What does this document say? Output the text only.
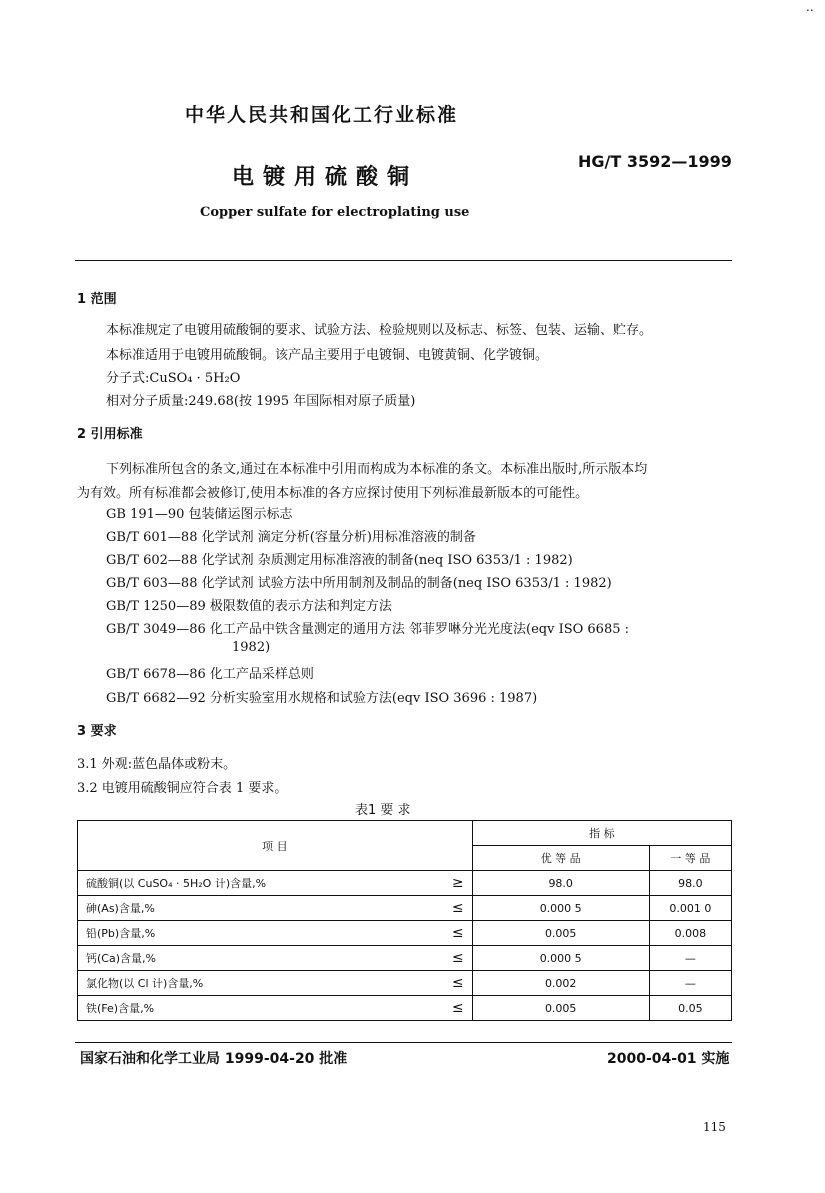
..
中华人民共和国化工行业标准
电镀用硫酸铜
HG/T 3592—1999
Copper sulfate for electroplating use
1 范围
本标准规定了电镀用硫酸铜的要求、试验方法、检验规则以及标志、标签、包装、运输、贮存。
本标准适用于电镀用硫酸铜。该产品主要用于电镀铜、电镀黄铜、化学镀铜。
分子式:CuSO₄ · 5H₂O
相对分子质量:249.68(按 1995 年国际相对原子质量)
2 引用标准
下列标准所包含的条文,通过在本标准中引用而构成为本标准的条文。本标准出版时,所示版本均
为有效。所有标准都会被修订,使用本标准的各方应探讨使用下列标准最新版本的可能性。
GB 191—90 包装储运图示标志
GB/T 601—88 化学试剂 滴定分析(容量分析)用标准溶液的制备
GB/T 602—88 化学试剂 杂质测定用标准溶液的制备(neq ISO 6353/1 : 1982)
GB/T 603—88 化学试剂 试验方法中所用制剂及制品的制备(neq ISO 6353/1 : 1982)
GB/T 1250—89 极限数值的表示方法和判定方法
GB/T 3049—86 化工产品中铁含量测定的通用方法 邻菲罗啉分光光度法(eqv ISO 6685 :
1982)
GB/T 6678—86 化工产品采样总则
GB/T 6682—92 分析实验室用水规格和试验方法(eqv ISO 3696 : 1987)
3 要求
3.1 外观:蓝色晶体或粉末。
3.2 电镀用硫酸铜应符合表 1 要求。
表1 要 求
项 目		指 标	
		优 等 品	一 等 品
硫酸铜(以 CuSO₄ · 5H₂O 计)含量,%	≥	98.0	98.0
砷(As)含量,%	≤	0.000 5	0.001 0
铅(Pb)含量,%	≤	0.005	0.008
钙(Ca)含量,%	≤	0.000 5	—
氯化物(以 Cl 计)含量,%	≤	0.002	—
铁(Fe)含量,%	≤	0.005	0.05
国家石油和化学工业局 1999-04-20 批准	2000-04-01 实施
115
